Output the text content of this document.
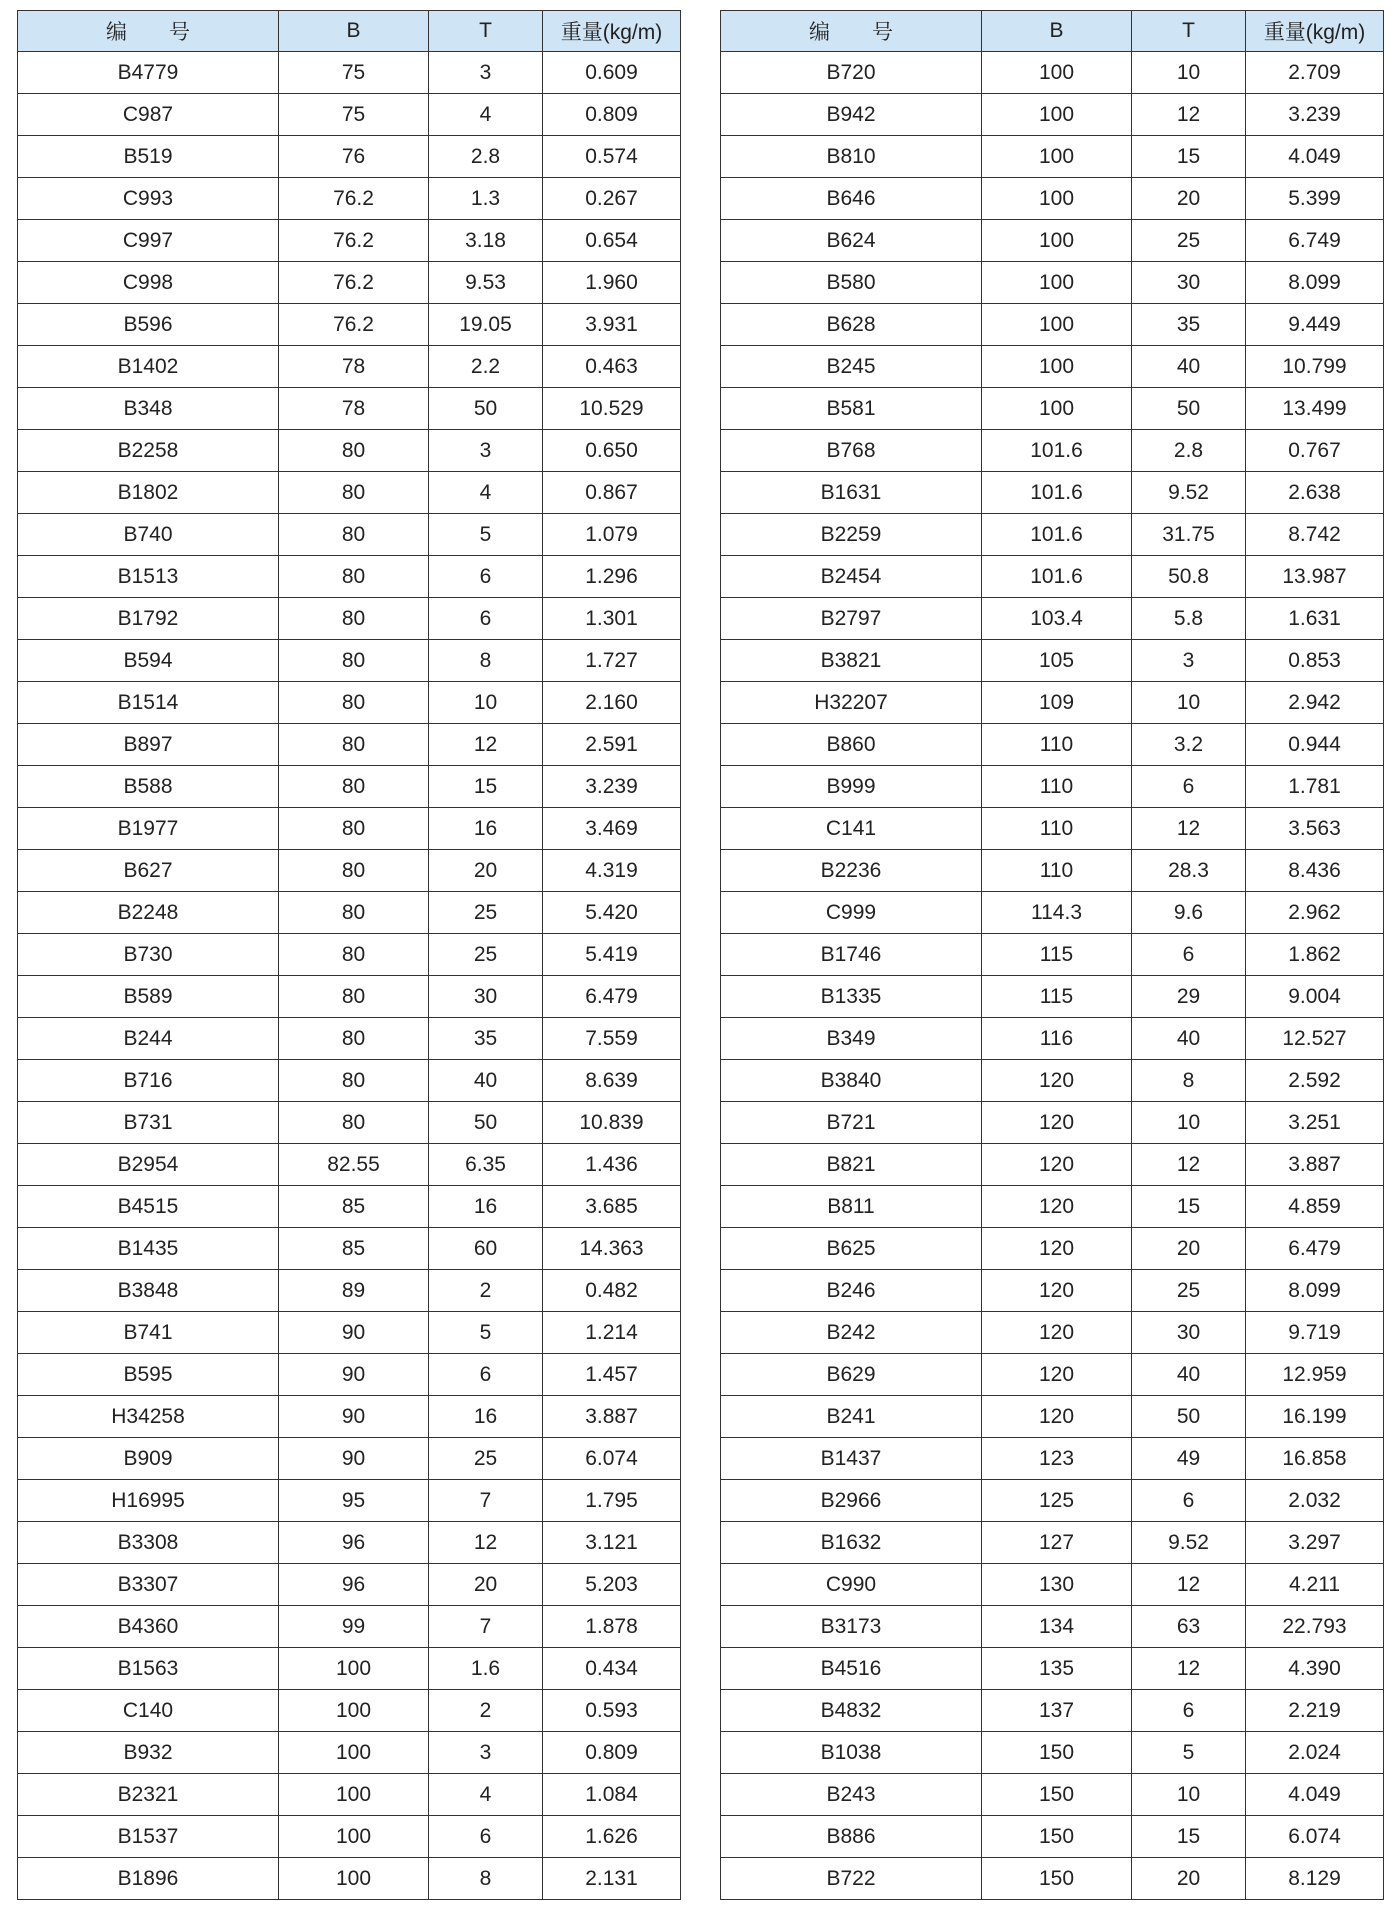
编　　号	B	T	重量(kg/m)
B4779	75	3	0.609
C987	75	4	0.809
B519	76	2.8	0.574
C993	76.2	1.3	0.267
C997	76.2	3.18	0.654
C998	76.2	9.53	1.960
B596	76.2	19.05	3.931
B1402	78	2.2	0.463
B348	78	50	10.529
B2258	80	3	0.650
B1802	80	4	0.867
B740	80	5	1.079
B1513	80	6	1.296
B1792	80	6	1.301
B594	80	8	1.727
B1514	80	10	2.160
B897	80	12	2.591
B588	80	15	3.239
B1977	80	16	3.469
B627	80	20	4.319
B2248	80	25	5.420
B730	80	25	5.419
B589	80	30	6.479
B244	80	35	7.559
B716	80	40	8.639
B731	80	50	10.839
B2954	82.55	6.35	1.436
B4515	85	16	3.685
B1435	85	60	14.363
B3848	89	2	0.482
B741	90	5	1.214
B595	90	6	1.457
H34258	90	16	3.887
B909	90	25	6.074
H16995	95	7	1.795
B3308	96	12	3.121
B3307	96	20	5.203
B4360	99	7	1.878
B1563	100	1.6	0.434
C140	100	2	0.593
B932	100	3	0.809
B2321	100	4	1.084
B1537	100	6	1.626
B1896	100	8	2.131
编　　号	B	T	重量(kg/m)
B720	100	10	2.709
B942	100	12	3.239
B810	100	15	4.049
B646	100	20	5.399
B624	100	25	6.749
B580	100	30	8.099
B628	100	35	9.449
B245	100	40	10.799
B581	100	50	13.499
B768	101.6	2.8	0.767
B1631	101.6	9.52	2.638
B2259	101.6	31.75	8.742
B2454	101.6	50.8	13.987
B2797	103.4	5.8	1.631
B3821	105	3	0.853
H32207	109	10	2.942
B860	110	3.2	0.944
B999	110	6	1.781
C141	110	12	3.563
B2236	110	28.3	8.436
C999	114.3	9.6	2.962
B1746	115	6	1.862
B1335	115	29	9.004
B349	116	40	12.527
B3840	120	8	2.592
B721	120	10	3.251
B821	120	12	3.887
B811	120	15	4.859
B625	120	20	6.479
B246	120	25	8.099
B242	120	30	9.719
B629	120	40	12.959
B241	120	50	16.199
B1437	123	49	16.858
B2966	125	6	2.032
B1632	127	9.52	3.297
C990	130	12	4.211
B3173	134	63	22.793
B4516	135	12	4.390
B4832	137	6	2.219
B1038	150	5	2.024
B243	150	10	4.049
B886	150	15	6.074
B722	150	20	8.129
